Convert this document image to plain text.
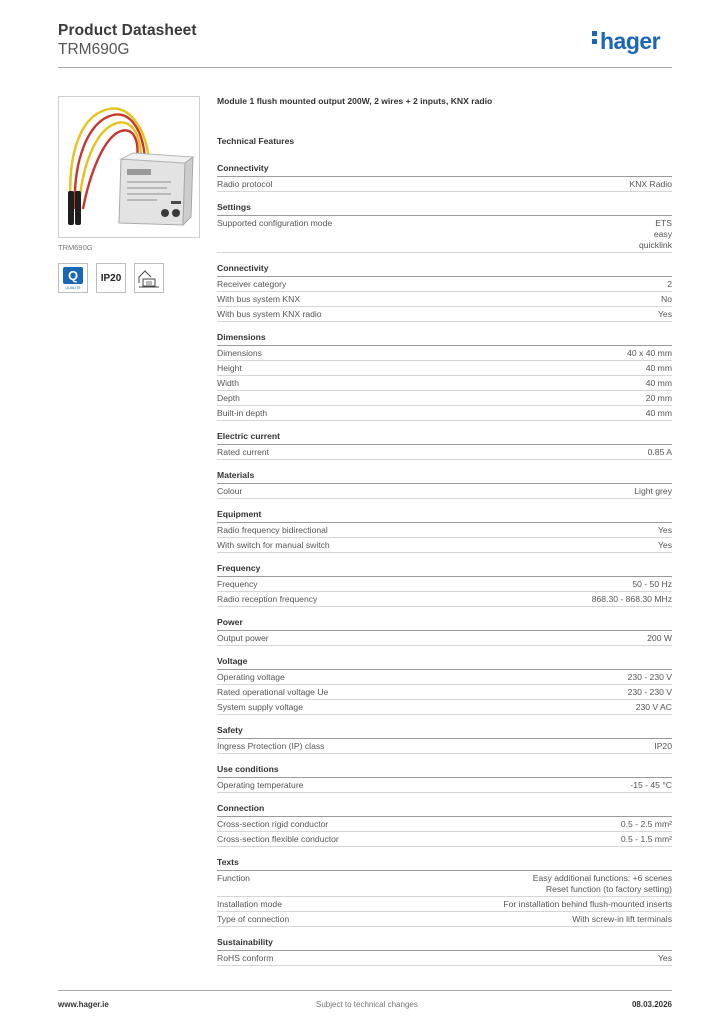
Product Datasheet
TRM690G	hager
TRM690G
Q
QUALITÉ
IP20
Module 1 flush mounted output 200W, 2 wires + 2 inputs, KNX radio
Technical Features
Connectivity
Radio protocol	KNX Radio
Settings
Supported configuration mode	ETS
easy
quicklink
Connectivity
Receiver category	2
With bus system KNX	No
With bus system KNX radio	Yes
Dimensions
Dimensions	40 x 40 mm
Height	40 mm
Width	40 mm
Depth	20 mm
Built-in depth	40 mm
Electric current
Rated current	0.85 A
Materials
Colour	Light grey
Equipment
Radio frequency bidirectional	Yes
With switch for manual switch	Yes
Frequency
Frequency	50 - 50 Hz
Radio reception frequency	868.30 - 868.30 MHz
Power
Output power	200 W
Voltage
Operating voltage	230 - 230 V
Rated operational voltage Ue	230 - 230 V
System supply voltage	230 V AC
Safety
Ingress Protection (IP) class	IP20
Use conditions
Operating temperature	-15 - 45 °C
Connection
Cross-section rigid conductor	0.5 - 2.5 mm²
Cross-section flexible conductor	0.5 - 1.5 mm²
Texts
Function	Easy additional functions: +6 scenes
Reset function (to factory setting)
Installation mode	For installation behind flush-mounted inserts
Type of connection	With screw-in lift terminals
Sustainability
RoHS conform	Yes
www.hager.ie	Subject to technical changes	08.03.2026
